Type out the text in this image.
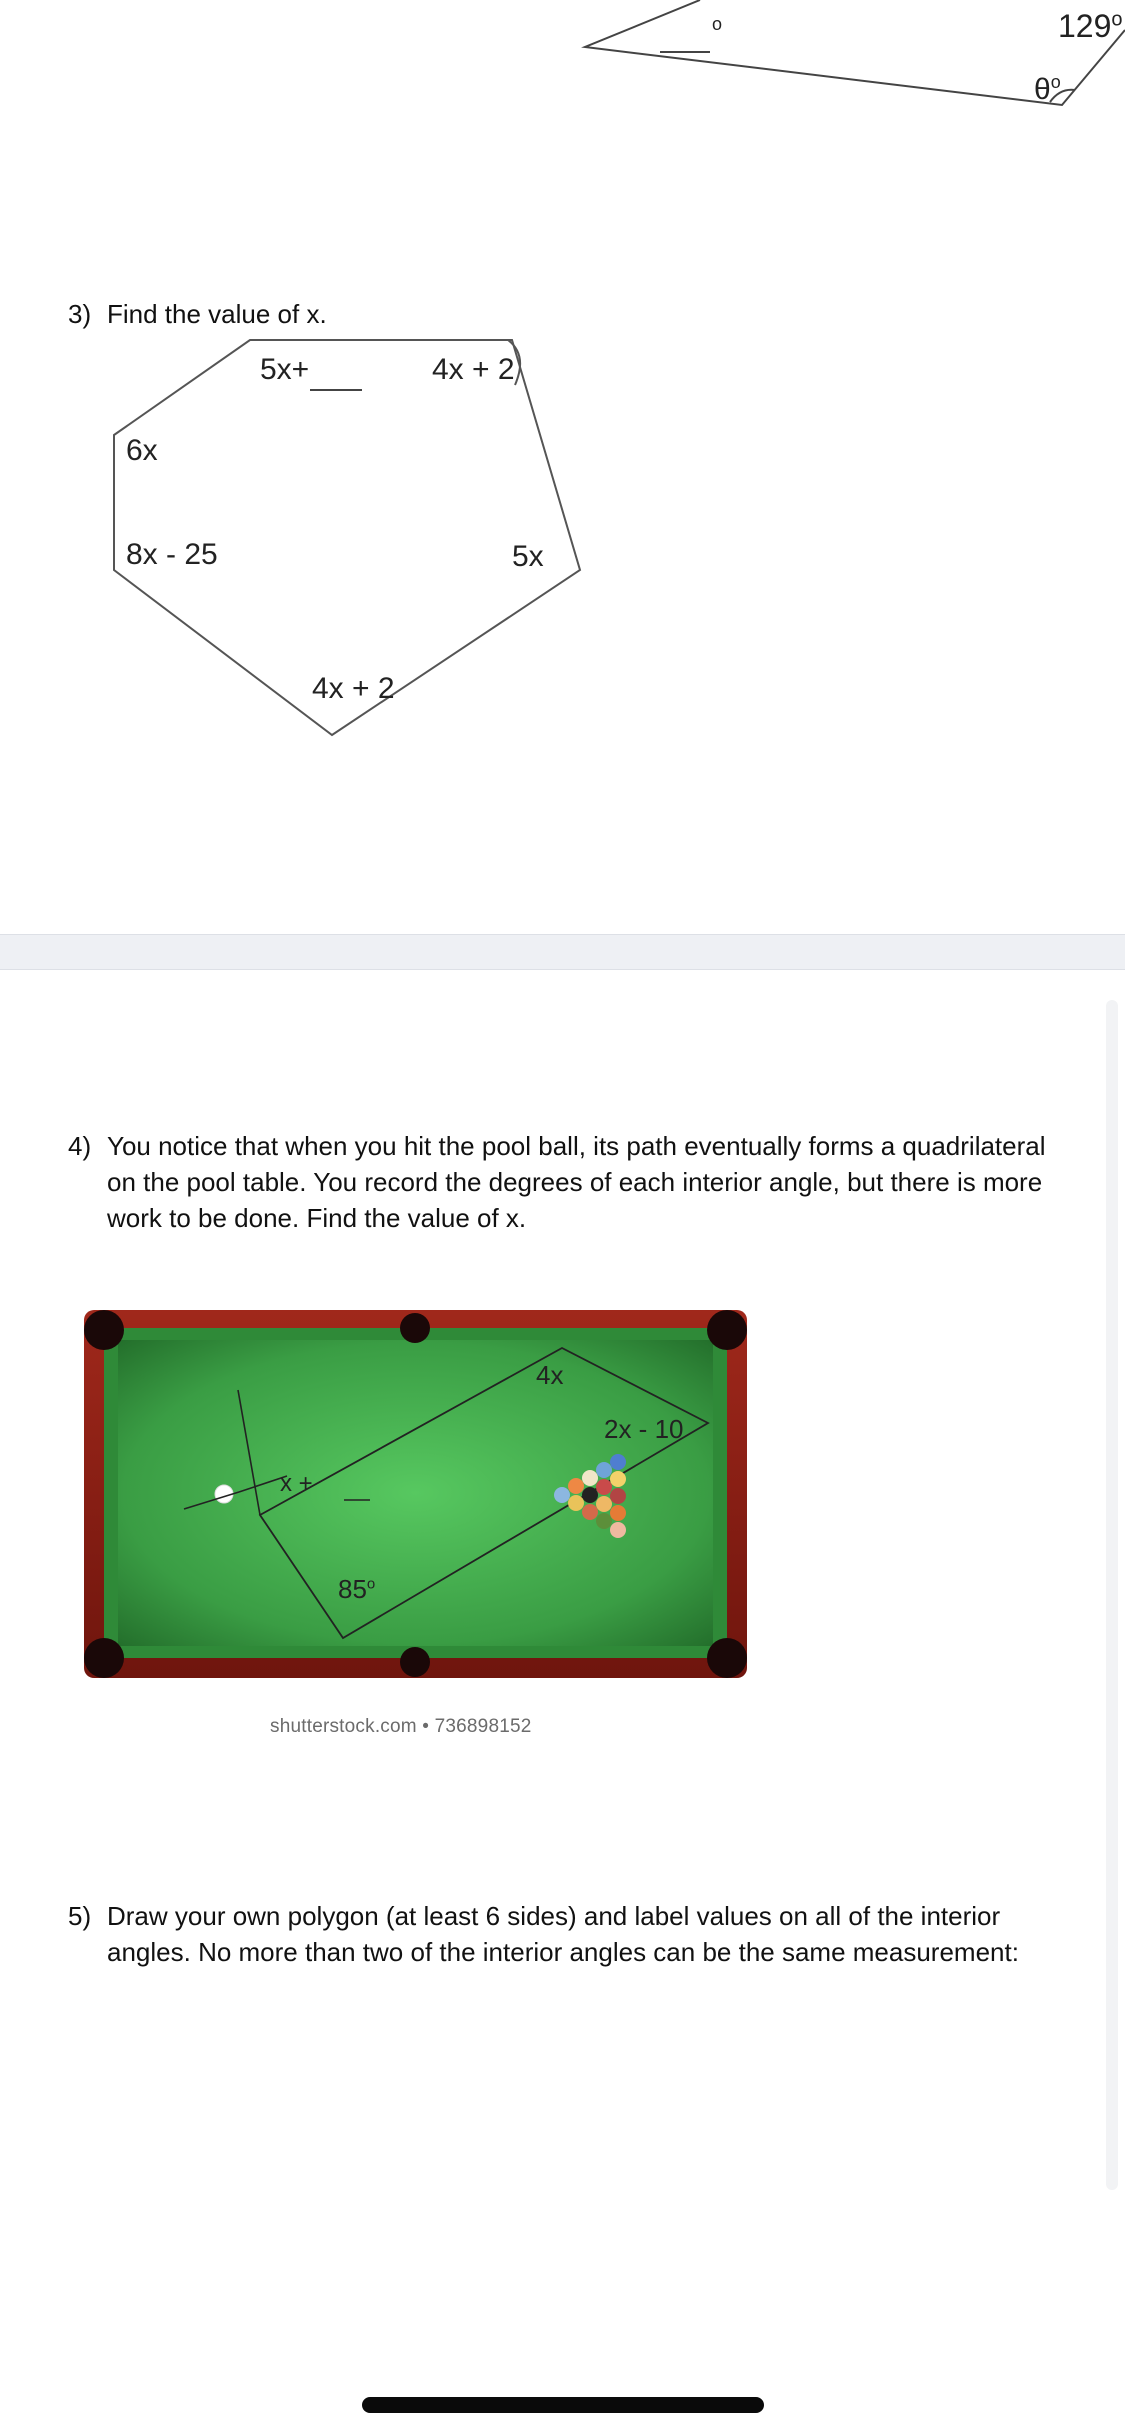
o	129$^o$
$\theta^o$
3) Find the value of x.
5x+	4x + 2
6x
8x - 25	5x
4x + 2
4) You notice that when you hit the pool ball, its path eventually forms a quadrilateral on the pool table. You record the degrees of each interior angle, but there is more work to be done. Find the value of x.
4x
2x - 10
x +
$85^o$
shutterstock.com • 736898152
5) Draw your own polygon (at least 6 sides) and label values on all of the interior angles. No more than two of the interior angles can be the same measurement:
